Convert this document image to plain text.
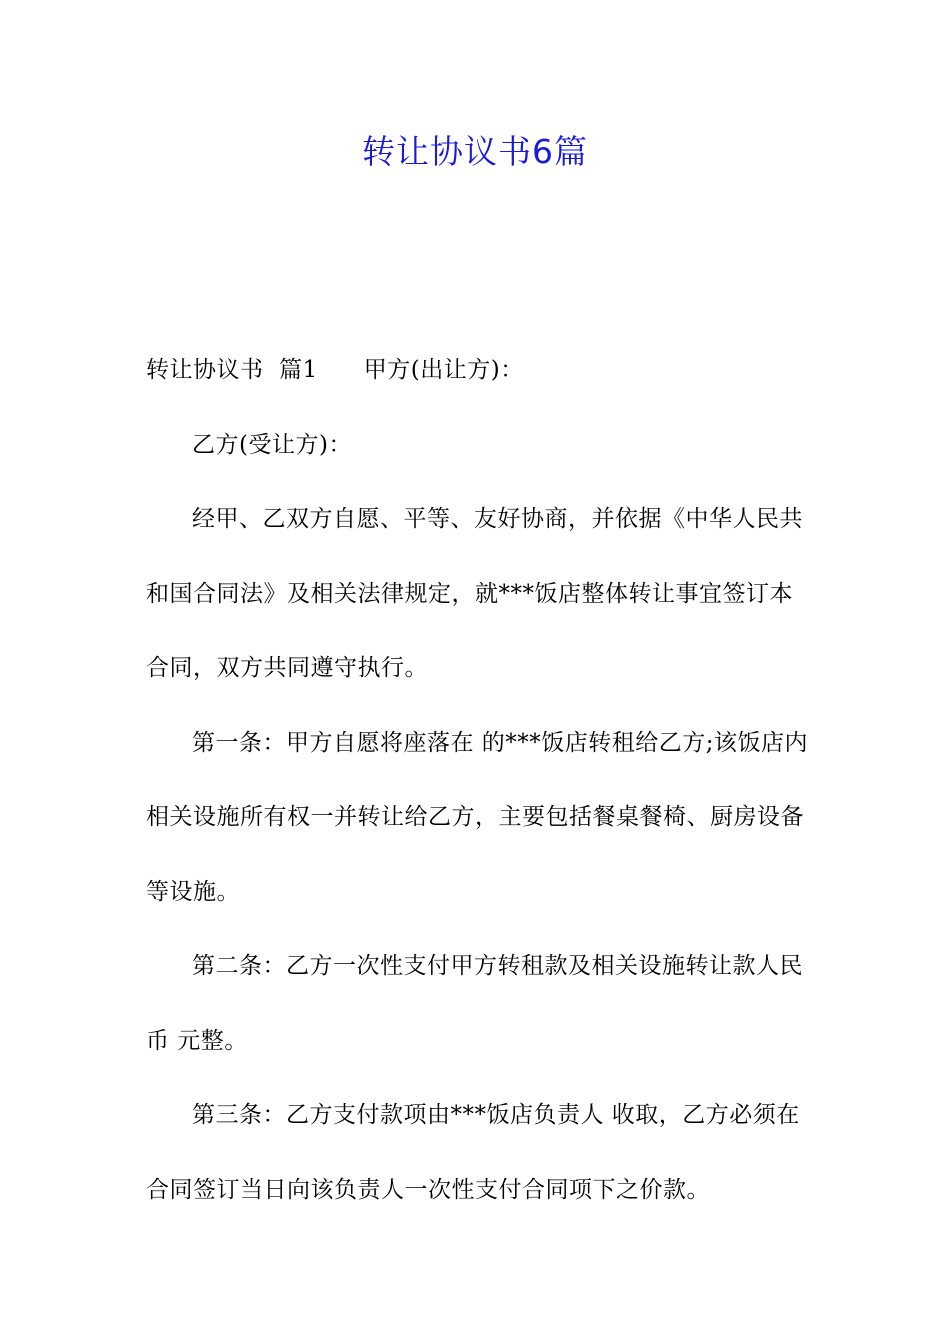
转让协议书6篇

转让协议书  篇1 甲方(出让方)：

乙方(受让方)：

经甲、乙双方自愿、平等、友好协商，并依据《中华人民共和国合同法》及相关法律规定，就***饭店整体转让事宜签订本合同，双方共同遵守执行。

第一条：甲方自愿将座落在 的***饭店转租给乙方;该饭店内相关设施所有权一并转让给乙方，主要包括餐桌餐椅、厨房设备等设施。

第二条：乙方一次性支付甲方转租款及相关设施转让款人民币 元整。

第三条：乙方支付款项由***饭店负责人 收取，乙方必须在合同签订当日向该负责人一次性支付合同项下之价款。
